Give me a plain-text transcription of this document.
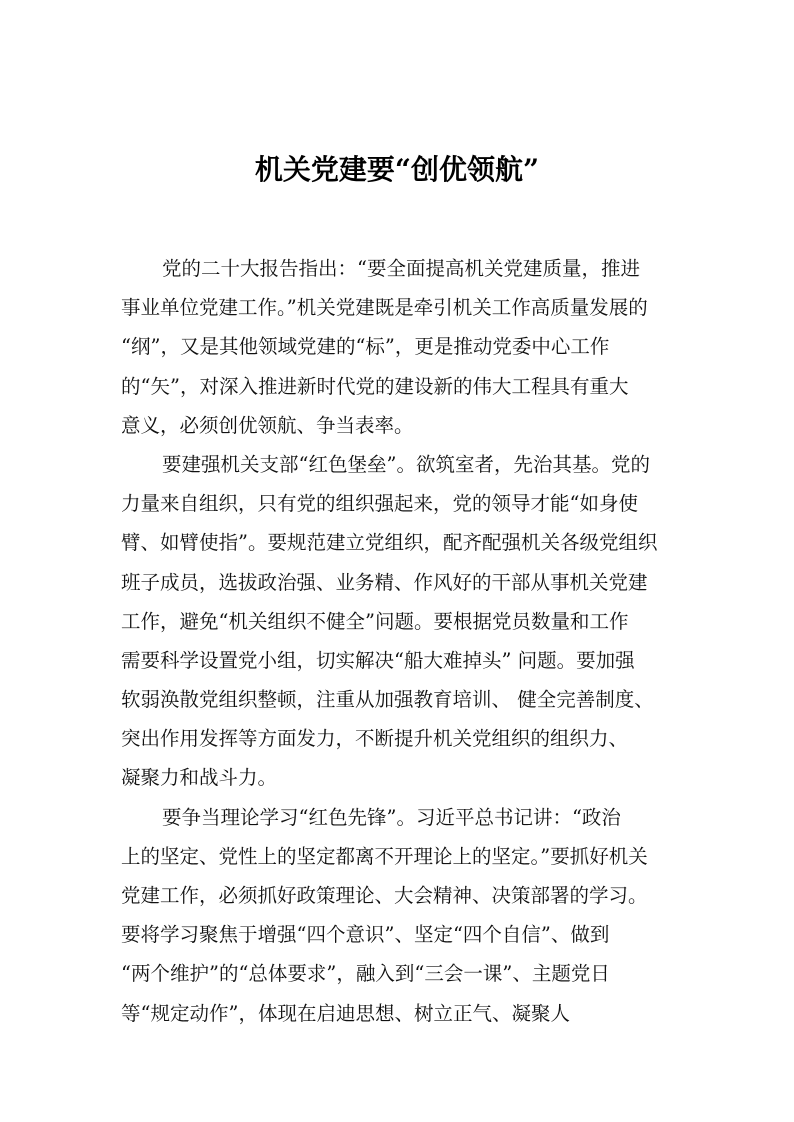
机关党建要“创优领航”
党的二十大报告指出：“要全面提高机关党建质量，推进
事业单位党建工作。”机关党建既是牵引机关工作高质量发展的
“纲”，又是其他领域党建的“标”，更是推动党委中心工作
的“矢”，对深入推进新时代党的建设新的伟大工程具有重大
意义，必须创优领航、争当表率。
要建强机关支部“红色堡垒”。欲筑室者，先治其基。党的
力量来自组织，只有党的组织强起来，党的领导才能“如身使
臂、如臂使指”。要规范建立党组织，配齐配强机关各级党组织
班子成员，选拔政治强、业务精、作风好的干部从事机关党建
工作，避免“机关组织不健全”问题。要根据党员数量和工作
需要科学设置党小组，切实解决“船大难掉头” 问题。要加强
软弱涣散党组织整顿，注重从加强教育培训、 健全完善制度、
突出作用发挥等方面发力，不断提升机关党组织的组织力、
凝聚力和战斗力。
要争当理论学习“红色先锋”。习近平总书记讲：“政治
上的坚定、党性上的坚定都离不开理论上的坚定。”要抓好机关
党建工作，必须抓好政策理论、大会精神、决策部署的学习。
要将学习聚焦于增强“四个意识”、坚定“四个自信”、做到
“两个维护”的“总体要求”，融入到“三会一课”、主题党日
等“规定动作”，体现在启迪思想、树立正气、凝聚人
